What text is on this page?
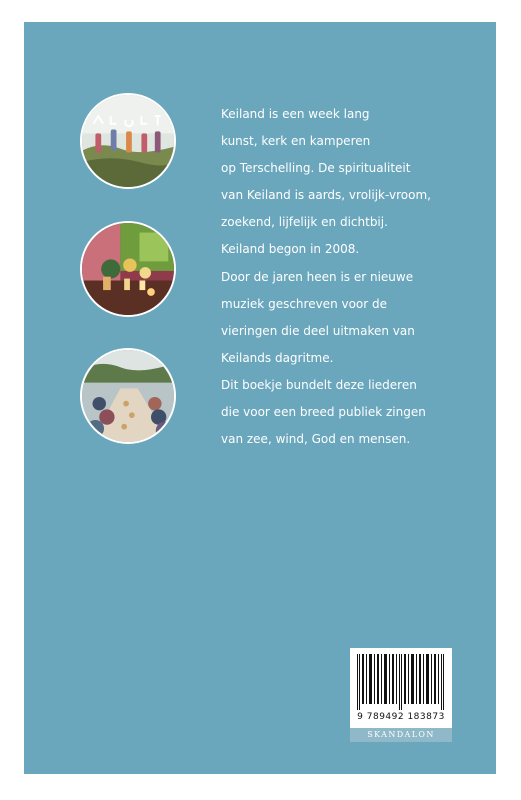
Keiland is een week lang
kunst, kerk en kamperen
op Terschelling. De spiritualiteit
van Keiland is aards, vrolijk-vroom,
zoekend, lijfelijk en dichtbij.
Keiland begon in 2008.
Door de jaren heen is er nieuwe
muziek geschreven voor de
vieringen die deel uitmaken van
Keilands dagritme.
Dit boekje bundelt deze liederen
die voor een breed publiek zingen
van zee, wind, God en mensen.
9 789492 183873
SKANDALON
